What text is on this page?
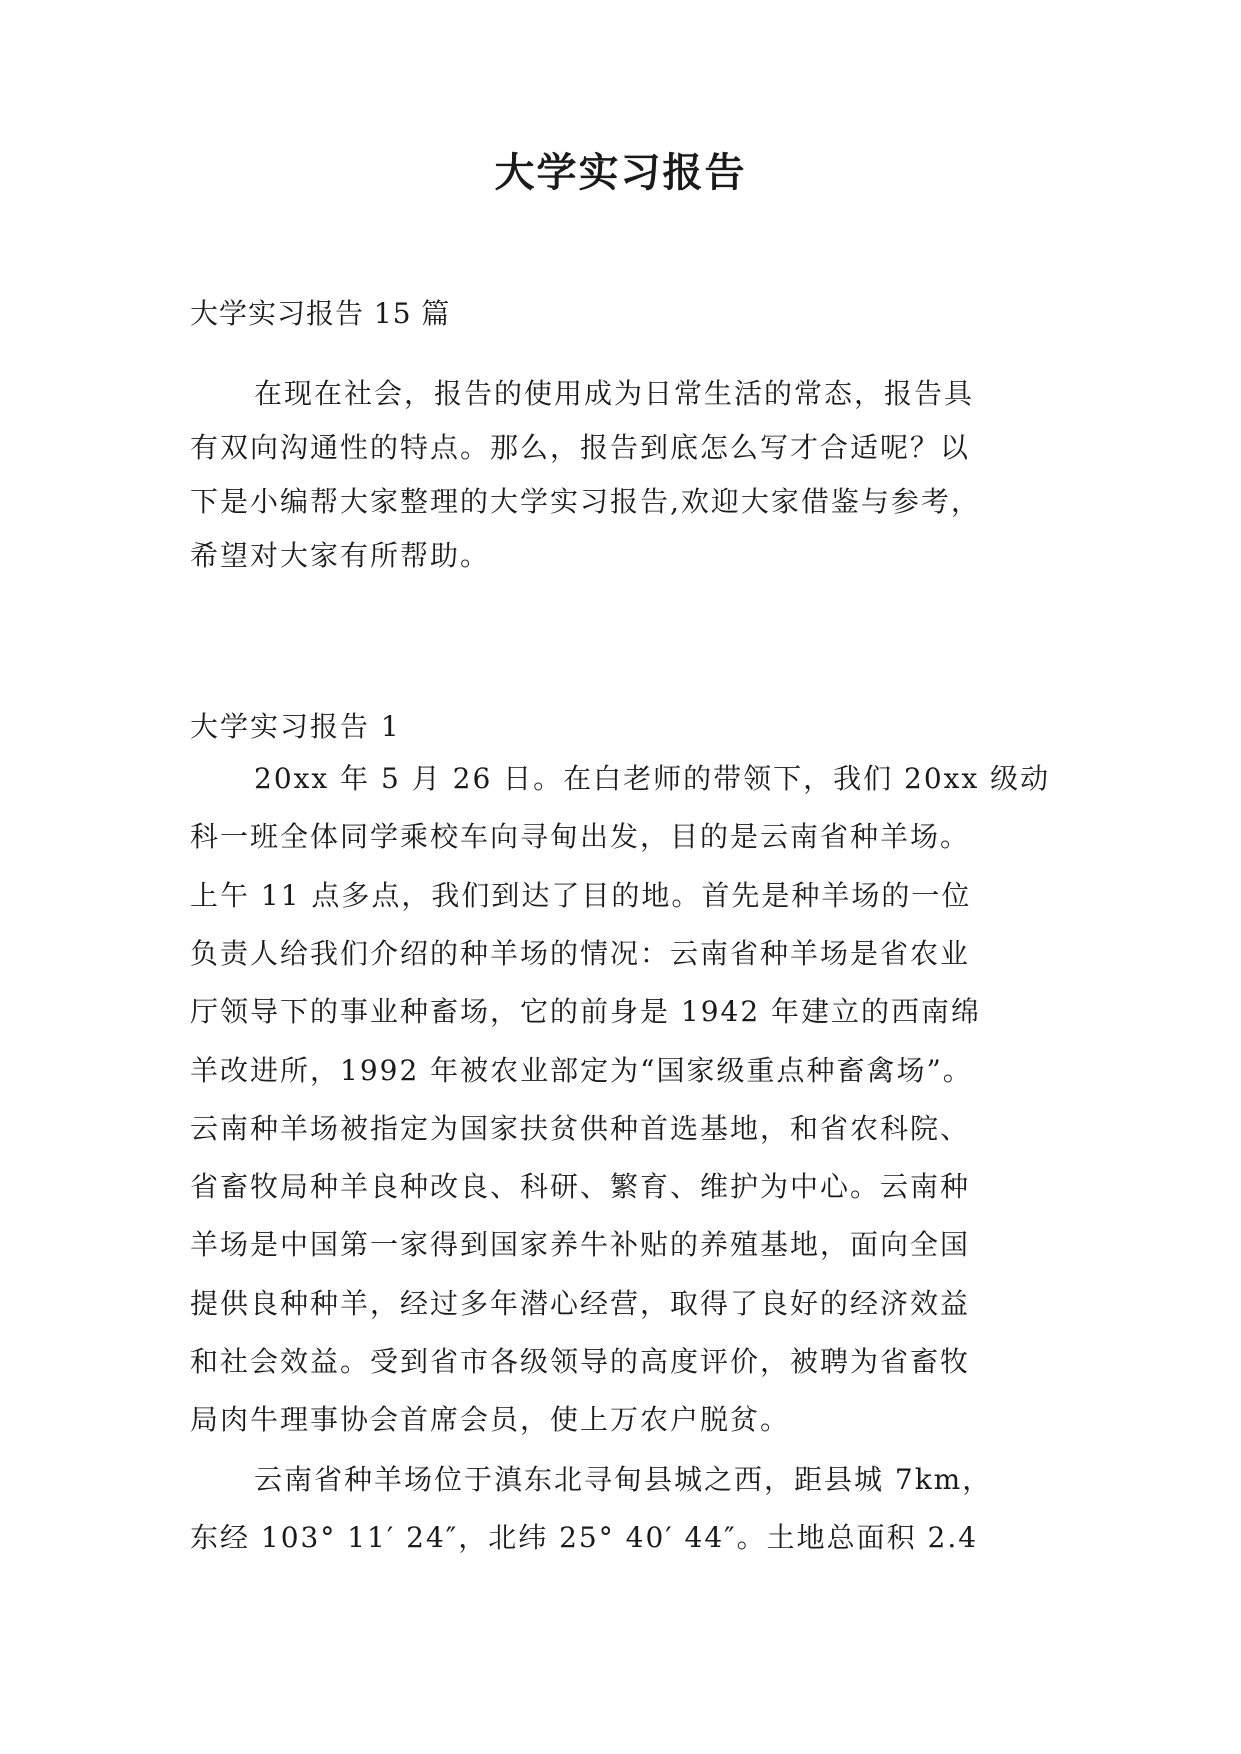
大学实习报告
大学实习报告 15 篇
在现在社会，报告的使用成为日常生活的常态，报告具
有双向沟通性的特点。那么，报告到底怎么写才合适呢？以
下是小编帮大家整理的大学实习报告,欢迎大家借鉴与参考，
希望对大家有所帮助。
大学实习报告 1
20xx 年 5 月 26 日。在白老师的带领下，我们 20xx 级动
科一班全体同学乘校车向寻甸出发，目的是云南省种羊场。
上午 11 点多点，我们到达了目的地。首先是种羊场的一位
负责人给我们介绍的种羊场的情况：云南省种羊场是省农业
厅领导下的事业种畜场，它的前身是 1942 年建立的西南绵
羊改进所，1992 年被农业部定为“国家级重点种畜禽场”。
云南种羊场被指定为国家扶贫供种首选基地，和省农科院、
省畜牧局种羊良种改良、科研、繁育、维护为中心。云南种
羊场是中国第一家得到国家养牛补贴的养殖基地，面向全国
提供良种种羊，经过多年潜心经营，取得了良好的经济效益
和社会效益。受到省市各级领导的高度评价，被聘为省畜牧
局肉牛理事协会首席会员，使上万农户脱贫。
云南省种羊场位于滇东北寻甸县城之西，距县城 7km，
东经 103° 11′ 24″，北纬 25° 40′ 44″。土地总面积 2.4
